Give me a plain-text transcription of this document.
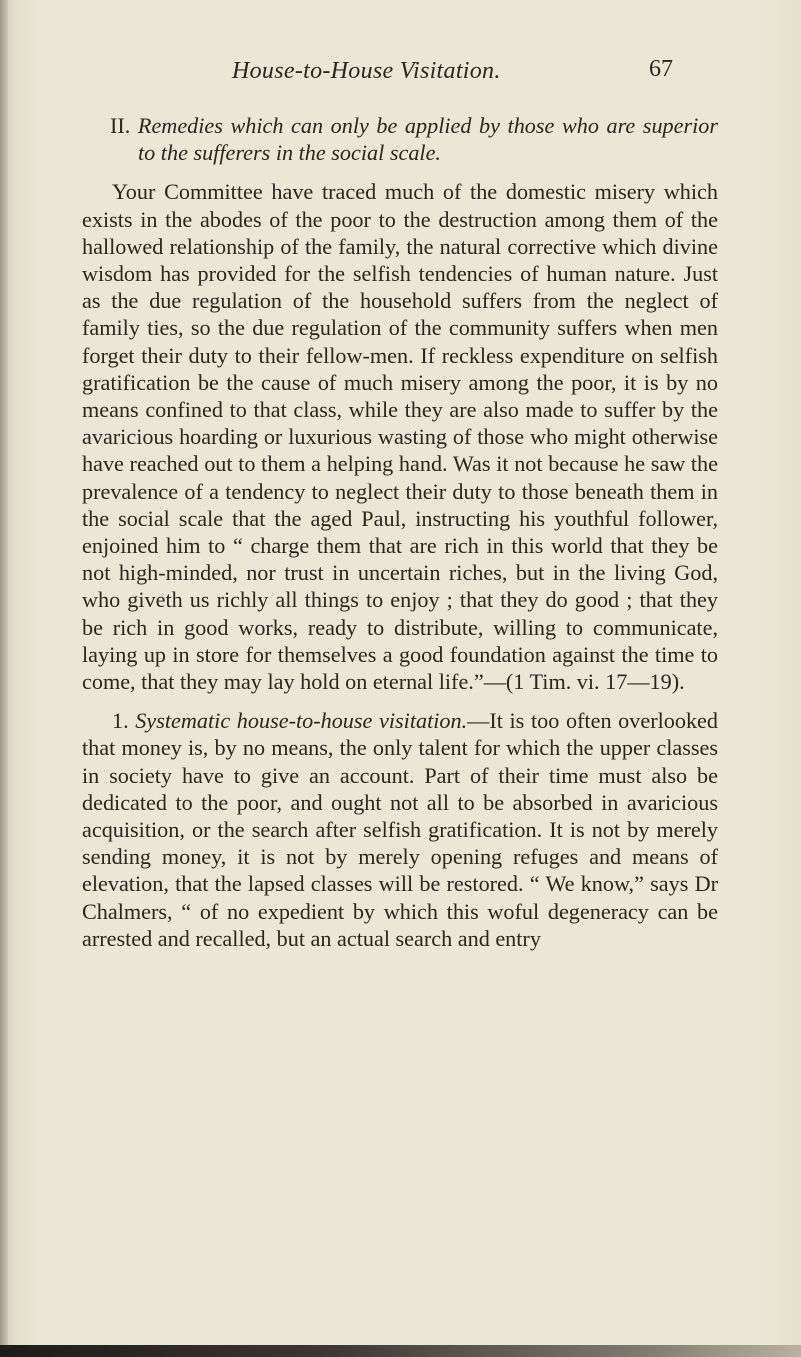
House-to-House Visitation.	67

II. Remedies which can only be applied by those who are superior to the sufferers in the social scale.

Your Committee have traced much of the domestic misery which exists in the abodes of the poor to the destruction among them of the hallowed relationship of the family, the natural corrective which divine wisdom has provided for the selfish tendencies of human nature. Just as the due regulation of the household suffers from the neglect of family ties, so the due regulation of the community suffers when men forget their duty to their fellow-men. If reckless expenditure on selfish gratification be the cause of much misery among the poor, it is by no means confined to that class, while they are also made to suffer by the avaricious hoarding or luxurious wasting of those who might otherwise have reached out to them a helping hand. Was it not because he saw the prevalence of a tendency to neglect their duty to those beneath them in the social scale that the aged Paul, instructing his youthful follower, enjoined him to “ charge them that are rich in this world that they be not high-minded, nor trust in uncertain riches, but in the living God, who giveth us richly all things to enjoy ; that they do good ; that they be rich in good works, ready to distribute, willing to communicate, laying up in store for themselves a good foundation against the time to come, that they may lay hold on eternal life.”—(1 Tim. vi. 17—19).

1. Systematic house-to-house visitation.—It is too often overlooked that money is, by no means, the only talent for which the upper classes in society have to give an account. Part of their time must also be dedicated to the poor, and ought not all to be absorbed in avaricious acquisition, or the search after selfish gratification. It is not by merely sending money, it is not by merely opening refuges and means of elevation, that the lapsed classes will be restored. “ We know,” says Dr Chalmers, “ of no expedient by which this woful degeneracy can be arrested and recalled, but an actual search and entry
